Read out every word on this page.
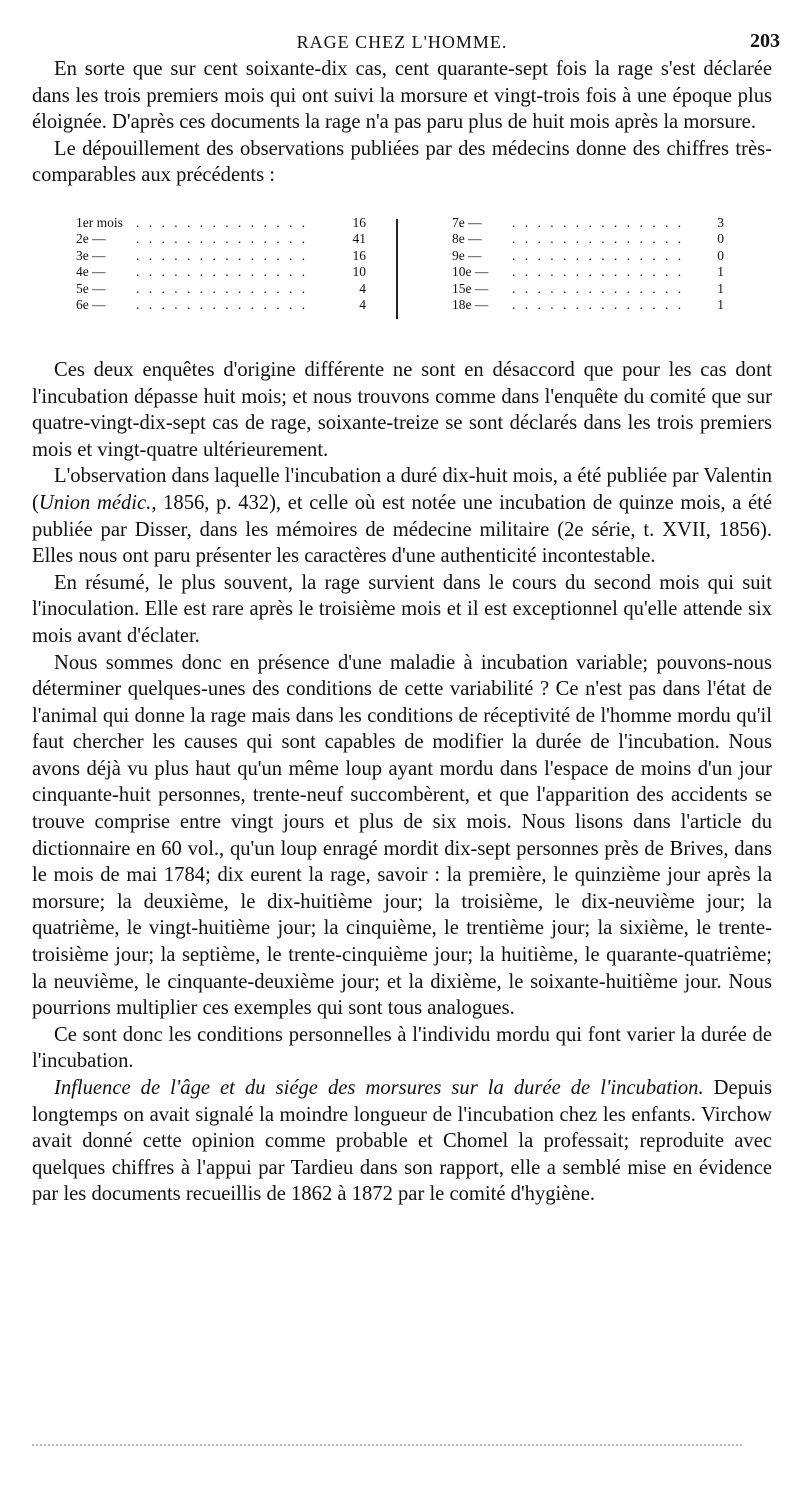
RAGE CHEZ L'HOMME.	203

En sorte que sur cent soixante-dix cas, cent quarante-sept fois la rage s'est déclarée dans les trois premiers mois qui ont suivi la morsure et vingt-trois fois à une époque plus éloignée. D'après ces documents la rage n'a pas paru plus de huit mois après la morsure.

Le dépouillement des observations publiées par des médecins donne des chiffres très-comparables aux précédents :

1er mois . . . . . . . . . . . . . .	16
2e — . . . . . . . . . . . . . .	41
3e — . . . . . . . . . . . . . .	16
4e — . . . . . . . . . . . . . .	10
5e — . . . . . . . . . . . . . .	4
6e — . . . . . . . . . . . . . .	4
7e — . . . . . . . . . . . . . . 3
8e — . . . . . . . . . . . . . . 0
9e — . . . . . . . . . . . . . . 0
10e — . . . . . . . . . . . . . . 1
15e — . . . . . . . . . . . . . . 1
18e — . . . . . . . . . . . . . . 1

Ces deux enquêtes d'origine différente ne sont en désaccord que pour les cas dont l'incubation dépasse huit mois; et nous trouvons comme dans l'enquête du comité que sur quatre-vingt-dix-sept cas de rage, soixante-treize se sont déclarés dans les trois premiers mois et vingt-quatre ultérieurement.

L'observation dans laquelle l'incubation a duré dix-huit mois, a été publiée par Valentin (Union médic., 1856, p. 432), et celle où est notée une incubation de quinze mois, a été publiée par Disser, dans les mémoires de médecine militaire (2e série, t. XVII, 1856). Elles nous ont paru présenter les caractères d'une authenticité incontestable.

En résumé, le plus souvent, la rage survient dans le cours du second mois qui suit l'inoculation. Elle est rare après le troisième mois et il est exceptionnel qu'elle attende six mois avant d'éclater.

Nous sommes donc en présence d'une maladie à incubation variable; pouvons-nous déterminer quelques-unes des conditions de cette variabilité ? Ce n'est pas dans l'état de l'animal qui donne la rage mais dans les conditions de réceptivité de l'homme mordu qu'il faut chercher les causes qui sont capables de modifier la durée de l'incubation. Nous avons déjà vu plus haut qu'un même loup ayant mordu dans l'espace de moins d'un jour cinquante-huit personnes, trente-neuf succombèrent, et que l'apparition des accidents se trouve comprise entre vingt jours et plus de six mois. Nous lisons dans l'article du dictionnaire en 60 vol., qu'un loup enragé mordit dix-sept personnes près de Brives, dans le mois de mai 1784; dix eurent la rage, savoir : la première, le quinzième jour après la morsure; la deuxième, le dix-huitième jour; la troisième, le dix-neuvième jour; la quatrième, le vingt-huitième jour; la cinquième, le trentième jour; la sixième, le trente-troisième jour; la septième, le trente-cinquième jour; la huitième, le quarante-quatrième; la neuvième, le cinquante-deuxième jour; et la dixième, le soixante-huitième jour. Nous pourrions multiplier ces exemples qui sont tous analogues.

Ce sont donc les conditions personnelles à l'individu mordu qui font varier la durée de l'incubation.

Influence de l'âge et du siége des morsures sur la durée de l'incubation. Depuis longtemps on avait signalé la moindre longueur de l'incubation chez les enfants. Virchow avait donné cette opinion comme probable et Chomel la professait; reproduite avec quelques chiffres à l'appui par Tardieu dans son rapport, elle a semblé mise en évidence par les documents recueillis de 1862 à 1872 par le comité d'hygiène.
